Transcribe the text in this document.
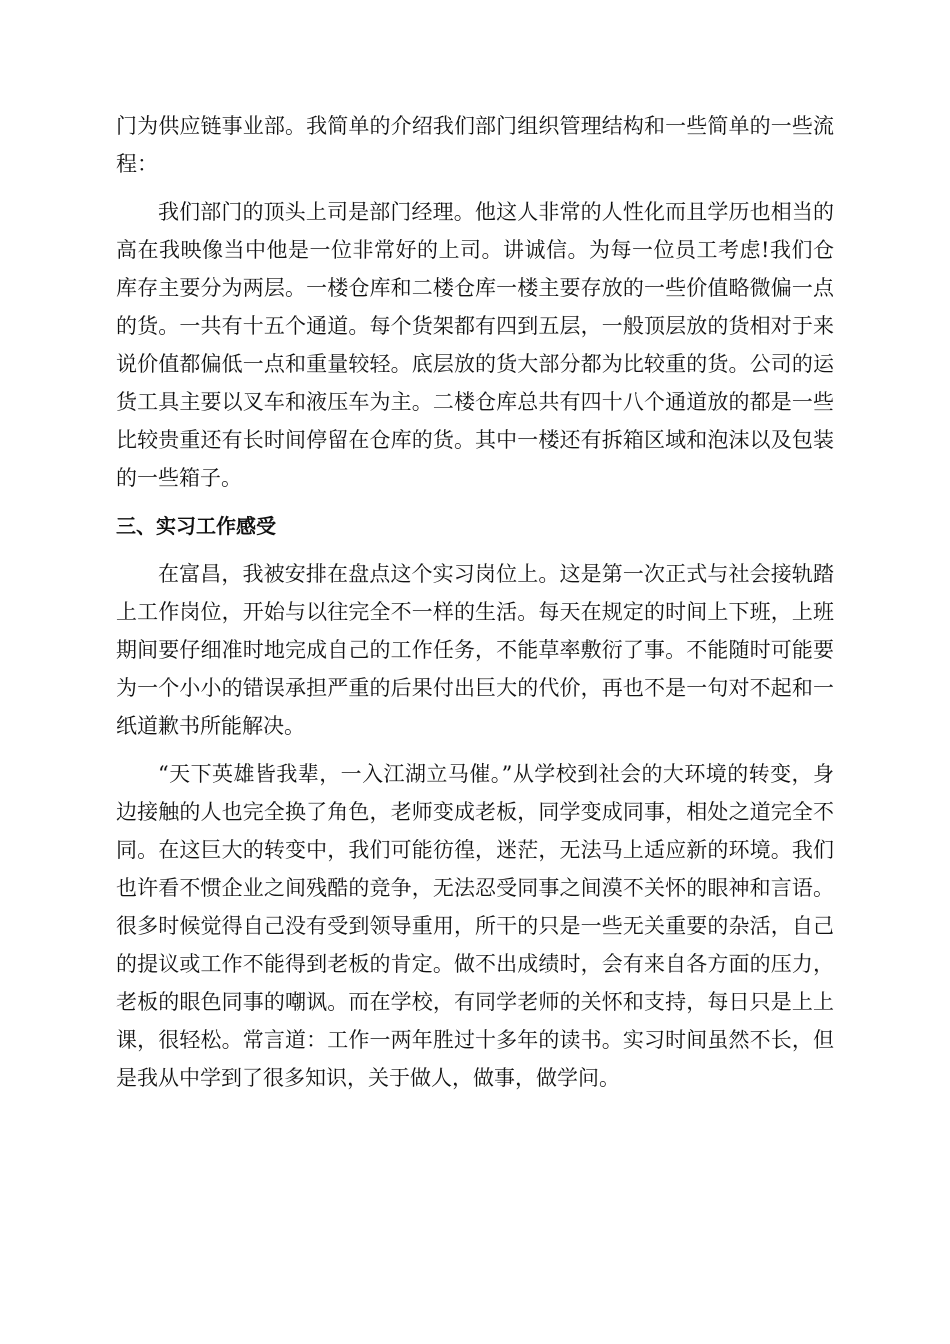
门为供应链事业部。我简单的介绍我们部门组织管理结构和一些简单的一些流程：

我们部门的顶头上司是部门经理。他这人非常的人性化而且学历也相当的高在我映像当中他是一位非常好的上司。讲诚信。为每一位员工考虑!我们仓库存主要分为两层。一楼仓库和二楼仓库一楼主要存放的一些价值略微偏一点的货。一共有十五个通道。每个货架都有四到五层，一般顶层放的货相对于来说价值都偏低一点和重量较轻。底层放的货大部分都为比较重的货。公司的运货工具主要以叉车和液压车为主。二楼仓库总共有四十八个通道放的都是一些比较贵重还有长时间停留在仓库的货。其中一楼还有拆箱区域和泡沫以及包装的一些箱子。

三、实习工作感受

在富昌，我被安排在盘点这个实习岗位上。这是第一次正式与社会接轨踏上工作岗位，开始与以往完全不一样的生活。每天在规定的时间上下班，上班期间要仔细准时地完成自己的工作任务，不能草率敷衍了事。不能随时可能要为一个小小的错误承担严重的后果付出巨大的代价，再也不是一句对不起和一纸道歉书所能解决。

“天下英雄皆我辈，一入江湖立马催。”从学校到社会的大环境的转变，身边接触的人也完全换了角色，老师变成老板，同学变成同事，相处之道完全不同。在这巨大的转变中，我们可能彷徨，迷茫，无法马上适应新的环境。我们也许看不惯企业之间残酷的竞争，无法忍受同事之间漠不关怀的眼神和言语。很多时候觉得自己没有受到领导重用，所干的只是一些无关重要的杂活，自己的提议或工作不能得到老板的肯定。做不出成绩时，会有来自各方面的压力，老板的眼色同事的嘲讽。而在学校，有同学老师的关怀和支持，每日只是上上课，很轻松。常言道：工作一两年胜过十多年的读书。实习时间虽然不长，但是我从中学到了很多知识，关于做人，做事，做学问。
